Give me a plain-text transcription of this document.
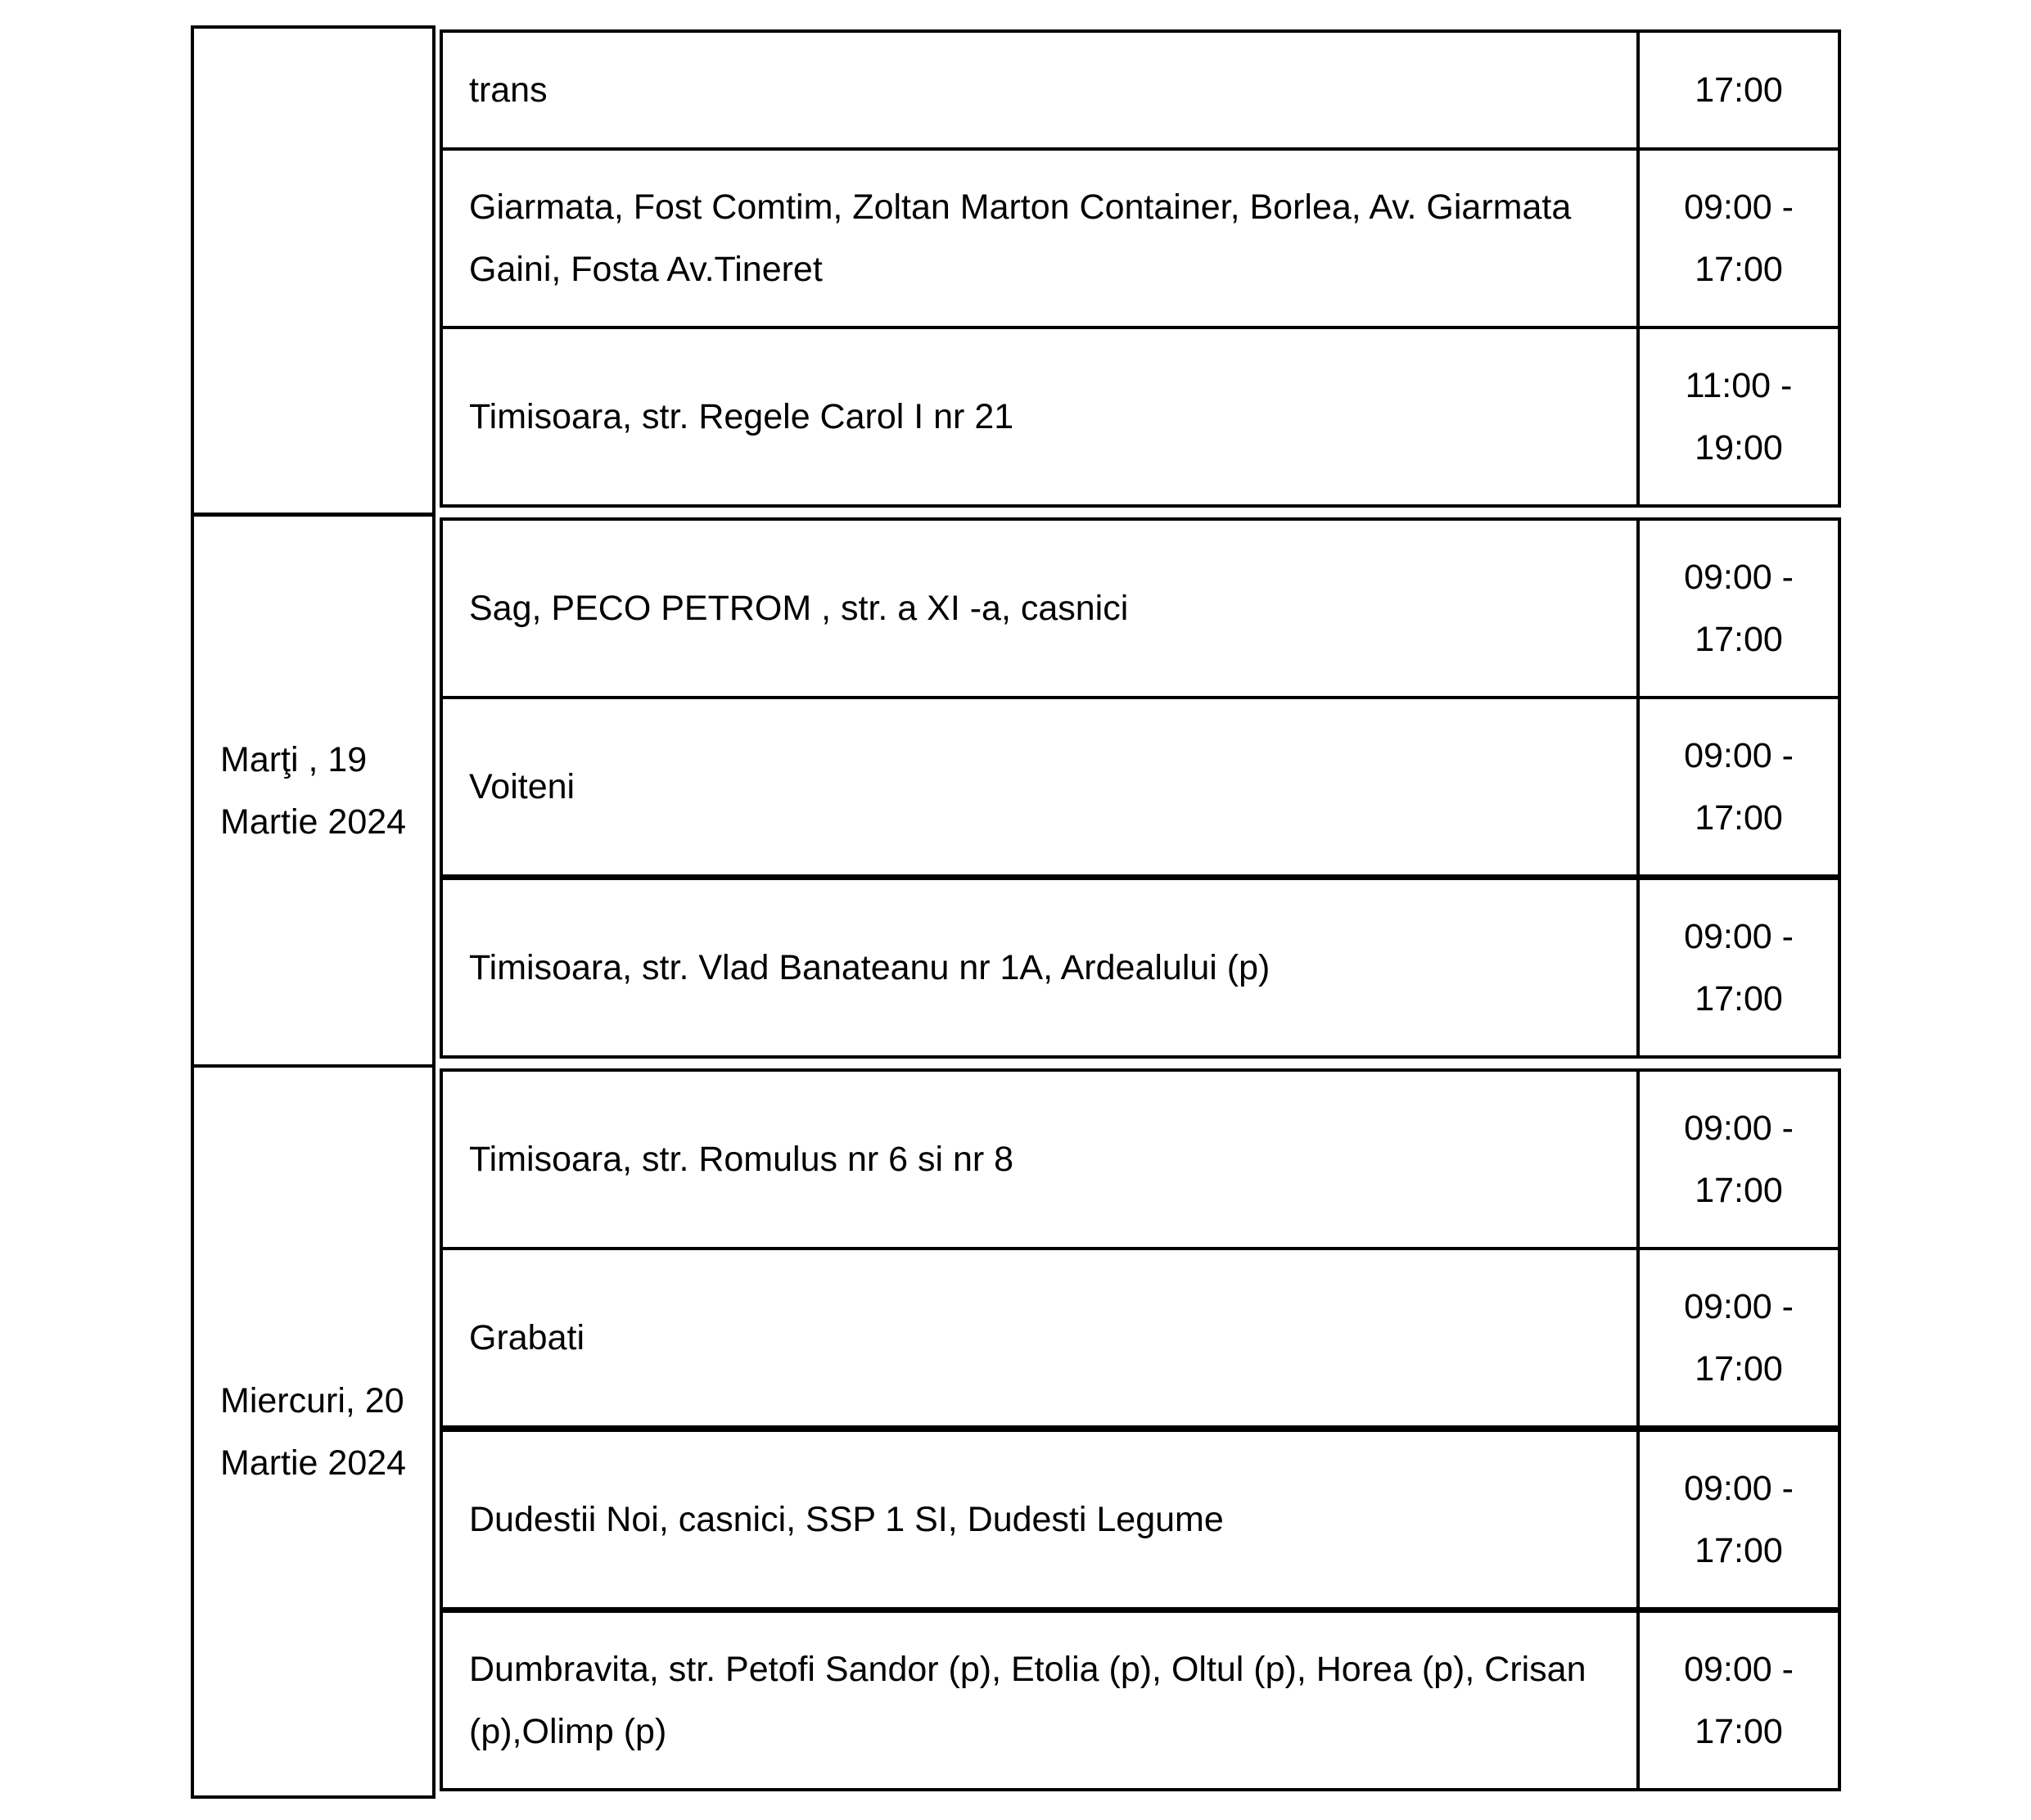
trans	17:00
Giarmata, Fost Comtim, Zoltan Marton Container, Borlea, Av. Giarmata Gaini, Fosta Av.Tineret
09:00 -
17:00
Timisoara, str. Regele Carol I nr 21
11:00 -
19:00
Marţi , 19
Martie 2024
Sag, PECO PETROM , str. a XI -a, casnici
09:00 -
17:00
Voiteni
09:00 -
17:00
Timisoara, str. Vlad Banateanu nr 1A, Ardealului (p)
09:00 -
17:00
Miercuri, 20
Martie 2024
Timisoara, str. Romulus nr 6 si nr 8
09:00 -
17:00
Grabati
09:00 -
17:00
Dudestii Noi, casnici, SSP 1 SI, Dudesti Legume
09:00 -
17:00
Dumbravita, str. Petofi Sandor (p), Etolia (p), Oltul (p), Horea (p), Crisan (p),Olimp (p)
09:00 -
17:00
